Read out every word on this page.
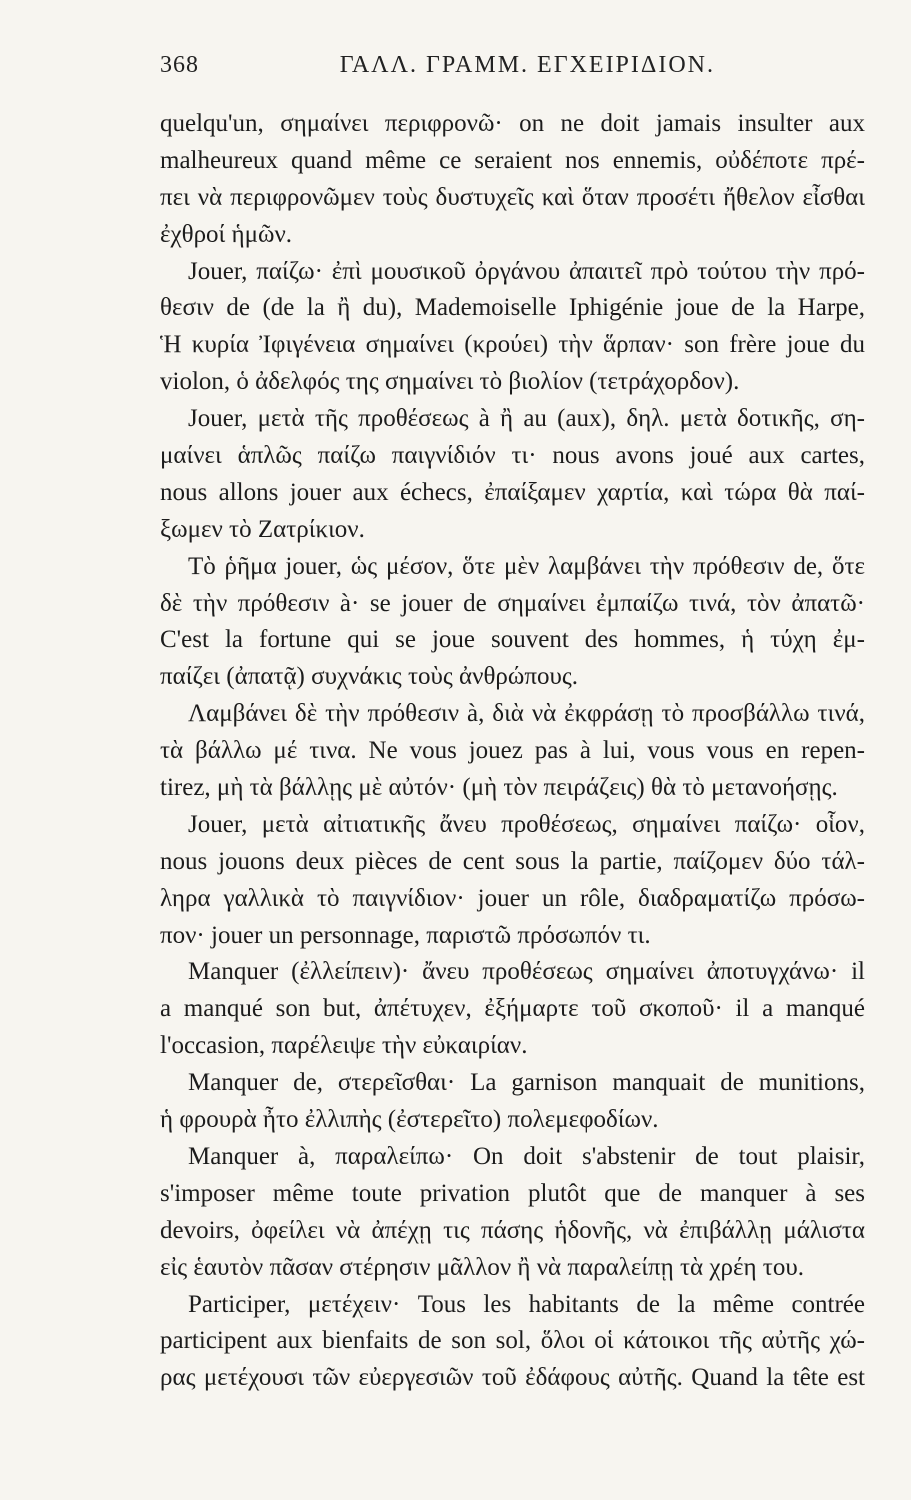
368	ΓΑΛΛ. ΓΡΑΜΜ. ΕΓΧΕΙΡΙΔΙΟΝ.
quelqu'un, σημαίνει περιφρονῶ· on ne doit jamais insulter aux
malheureux quand même ce seraient nos ennemis, οὐδέποτε πρέ-
πει νὰ περιφρονῶμεν τοὺς δυστυχεῖς καὶ ὅταν προσέτι ἤθελον εἶσθαι
ἐχθροί ἡμῶν.
Jouer, παίζω· ἐπὶ μουσικοῦ ὀργάνου ἀπαιτεῖ πρὸ τούτου τὴν πρό-
θεσιν de (de la ἢ du), Mademoiselle Iphigénie joue de la Harpe,
Ἡ κυρία Ἰφιγένεια σημαίνει (κρούει) τὴν ἅρπαν· son frère joue du
violon, ὁ ἀδελφός της σημαίνει τὸ βιολίον (τετράχορδον).
Jouer, μετὰ τῆς προθέσεως à ἢ au (aux), δηλ. μετὰ δοτικῆς, ση-
μαίνει ἁπλῶς παίζω παιγνίδιόν τι· nous avons joué aux cartes,
nous allons jouer aux échecs, ἐπαίξαμεν χαρτία, καὶ τώρα θὰ παί-
ξωμεν τὸ Ζατρίκιον.
Τὸ ῥῆμα jouer, ὡς μέσον, ὅτε μὲν λαμβάνει τὴν πρόθεσιν de, ὅτε
δὲ τὴν πρόθεσιν à· se jouer de σημαίνει ἐμπαίζω τινά, τὸν ἀπατῶ·
C'est la fortune qui se joue souvent des hommes, ἡ τύχη ἐμ-
παίζει (ἀπατᾷ) συχνάκις τοὺς ἀνθρώπους.
Λαμβάνει δὲ τὴν πρόθεσιν à, διὰ νὰ ἐκφράσῃ τὸ προσβάλλω τινά,
τὰ βάλλω μέ τινα. Ne vous jouez pas à lui, vous vous en repen-
tirez, μὴ τὰ βάλλῃς μὲ αὐτόν· (μὴ τὸν πειράζεις) θὰ τὸ μετανοήσῃς.
Jouer, μετὰ αἰτιατικῆς ἄνευ προθέσεως, σημαίνει παίζω· οἷον,
nous jouons deux pièces de cent sous la partie, παίζομεν δύο τάλ-
ληρα γαλλικὰ τὸ παιγνίδιον· jouer un rôle, διαδραματίζω πρόσω-
πον· jouer un personnage, παριστῶ πρόσωπόν τι.
Manquer (ἐλλείπειν)· ἄνευ προθέσεως σημαίνει ἀποτυγχάνω· il
a manqué son but, ἀπέτυχεν, ἐξήμαρτε τοῦ σκοποῦ· il a manqué
l'occasion, παρέλειψε τὴν εὐκαιρίαν.
Manquer de, στερεῖσθαι· La garnison manquait de munitions,
ἡ φρουρὰ ἦτο ἐλλιπὴς (ἐστερεῖτο) πολεμεφοδίων.
Manquer à, παραλείπω· On doit s'abstenir de tout plaisir,
s'imposer même toute privation plutôt que de manquer à ses
devoirs, ὀφείλει νὰ ἀπέχῃ τις πάσης ἡδονῆς, νὰ ἐπιβάλλῃ μάλιστα
εἰς ἑαυτὸν πᾶσαν στέρησιν μᾶλλον ἢ νὰ παραλείπῃ τὰ χρέη του.
Participer, μετέχειν· Tous les habitants de la même contrée
participent aux bienfaits de son sol, ὅλοι οἱ κάτοικοι τῆς αὐτῆς χώ-
ρας μετέχουσι τῶν εὐεργεσιῶν τοῦ ἐδάφους αὐτῆς. Quand la tête est
